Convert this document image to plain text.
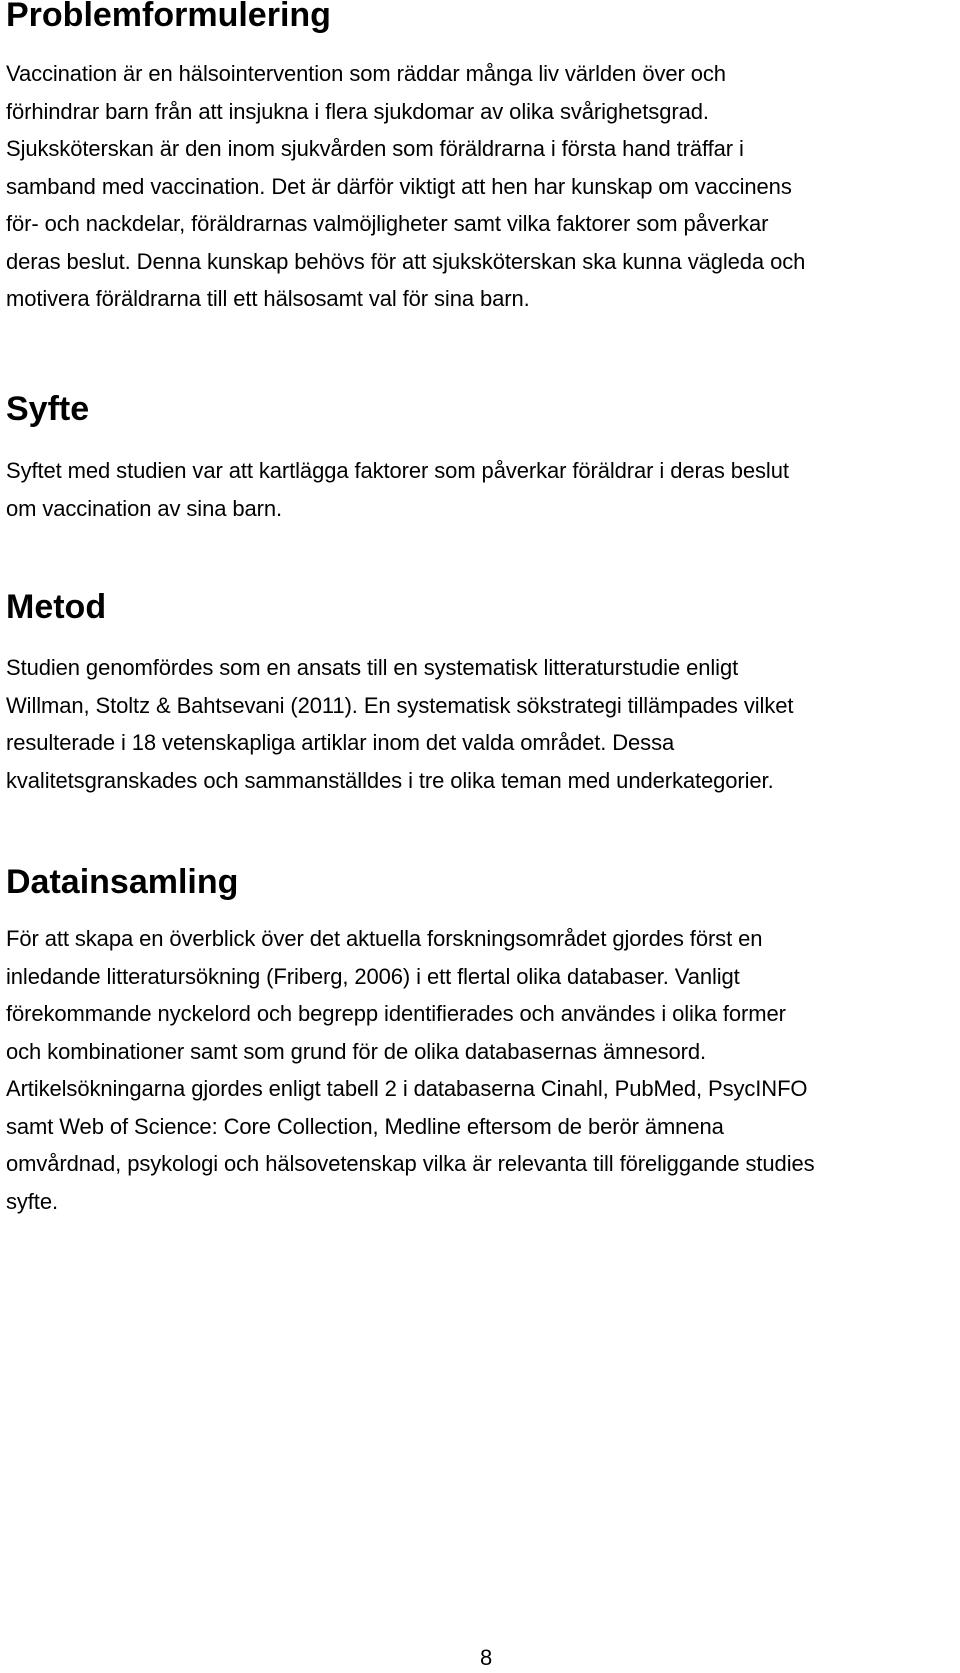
Problemformulering

Vaccination är en hälsointervention som räddar många liv världen över och
förhindrar barn från att insjukna i flera sjukdomar av olika svårighetsgrad.
Sjuksköterskan är den inom sjukvården som föräldrarna i första hand träffar i
samband med vaccination. Det är därför viktigt att hen har kunskap om vaccinens
för- och nackdelar, föräldrarnas valmöjligheter samt vilka faktorer som påverkar
deras beslut. Denna kunskap behövs för att sjuksköterskan ska kunna vägleda och
motivera föräldrarna till ett hälsosamt val för sina barn.

Syfte

Syftet med studien var att kartlägga faktorer som påverkar föräldrar i deras beslut
om vaccination av sina barn.

Metod

Studien genomfördes som en ansats till en systematisk litteraturstudie enligt
Willman, Stoltz & Bahtsevani (2011). En systematisk sökstrategi tillämpades vilket
resulterade i 18 vetenskapliga artiklar inom det valda området. Dessa
kvalitetsgranskades och sammanställdes i tre olika teman med underkategorier.

Datainsamling

För att skapa en överblick över det aktuella forskningsområdet gjordes först en
inledande litteratursökning (Friberg, 2006) i ett flertal olika databaser. Vanligt
förekommande nyckelord och begrepp identifierades och användes i olika former
och kombinationer samt som grund för de olika databasernas ämnesord.
Artikelsökningarna gjordes enligt tabell 2 i databaserna Cinahl, PubMed, PsycINFO
samt Web of Science: Core Collection, Medline eftersom de berör ämnena
omvårdnad, psykologi och hälsovetenskap vilka är relevanta till föreliggande studies
syfte.

8
